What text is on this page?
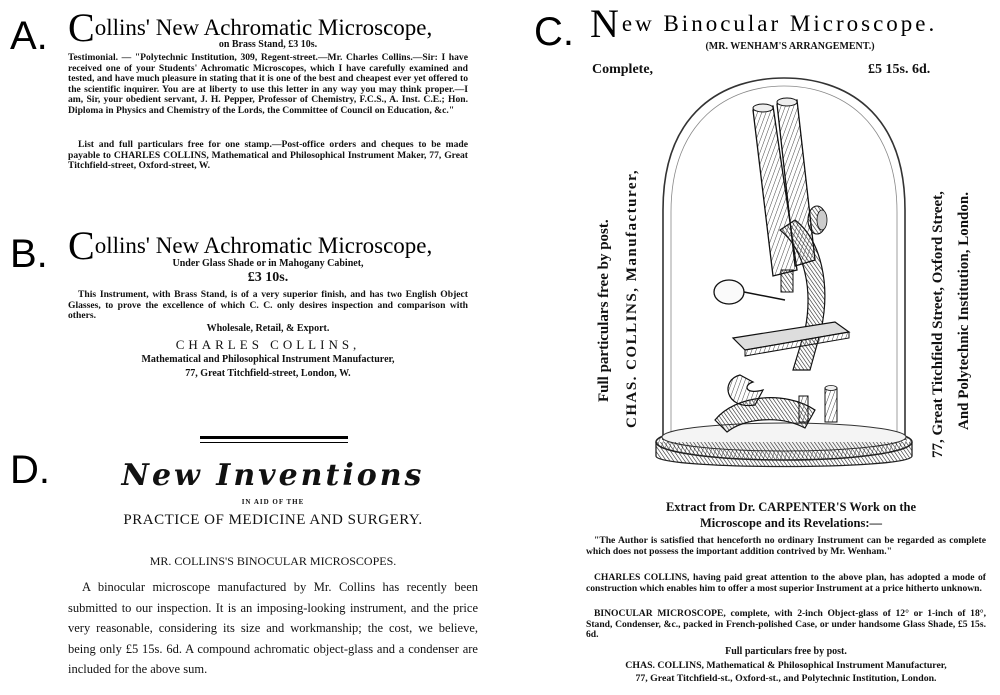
A. Collins' New Achromatic Microscope,
on Brass Stand, £3 10s.
Testimonial. — "Polytechnic Institution, 309, Regent-street.—Mr. Charles Collins.—Sir: I have received one of your Students' Achromatic Microscopes, which I have carefully examined and tested, and have much pleasure in stating that it is one of the best and cheapest ever yet offered to the scientific inquirer. You are at liberty to use this letter in any way you may think proper.—I am, Sir, your obedient servant, J. H. Pepper, Professor of Chemistry, F.C.S., A. Inst. C.E.; Hon. Diploma in Physics and Chemistry of the Lords, the Committee of Council on Education, &c."
List and full particulars free for one stamp.—Post-office orders and cheques to be made payable to CHARLES COLLINS, Mathematical and Philosophical Instrument Maker, 77, Great Titchfield-street, Oxford-street, W.
B. Collins' New Achromatic Microscope,
Under Glass Shade or in Mahogany Cabinet,
£3 10s.
This Instrument, with Brass Stand, is of a very superior finish, and has two English Object Glasses, to prove the excellence of which C. C. only desires inspection and comparison with others.
Wholesale, Retail, & Export.
CHARLES COLLINS,
Mathematical and Philosophical Instrument Manufacturer,
77, Great Titchfield-street, London, W.
D.	New Inventions
IN AID OF THE
PRACTICE OF MEDICINE AND SURGERY.
MR. COLLINS'S BINOCULAR MICROSCOPES.
A binocular microscope manufactured by Mr. Collins has recently been submitted to our inspection. It is an imposing-looking instrument, and the price very reasonable, considering its size and workmanship; the cost, we believe, being only £5 15s. 6d. A compound achromatic object-glass and a condenser are included for the above sum.
C. New Binocular Microscope.
(MR. WENHAM'S ARRANGEMENT.)
Complete,	£5 15s. 6d.
Full particulars free by post. CHAS. COLLINS, Manufacturer,	77, Great Titchfield Street, Oxford Street, And Polytechnic Institution, London.
Extract from Dr. CARPENTER'S Work on the
Microscope and its Revelations:—
"The Author is satisfied that henceforth no ordinary Instrument can be regarded as complete which does not possess the important addition contrived by Mr. Wenham."
CHARLES COLLINS, having paid great attention to the above plan, has adopted a mode of construction which enables him to offer a most superior Instrument at a price hitherto unknown.
BINOCULAR MICROSCOPE, complete, with 2-inch Object-glass of 12° or 1-inch of 18°, Stand, Condenser, &c., packed in French-polished Case, or under handsome Glass Shade, £5 15s. 6d.
Full particulars free by post.
CHAS. COLLINS, Mathematical & Philosophical Instrument Manufacturer,
77, Great Titchfield-st., Oxford-st., and Polytechnic Institution, London.
